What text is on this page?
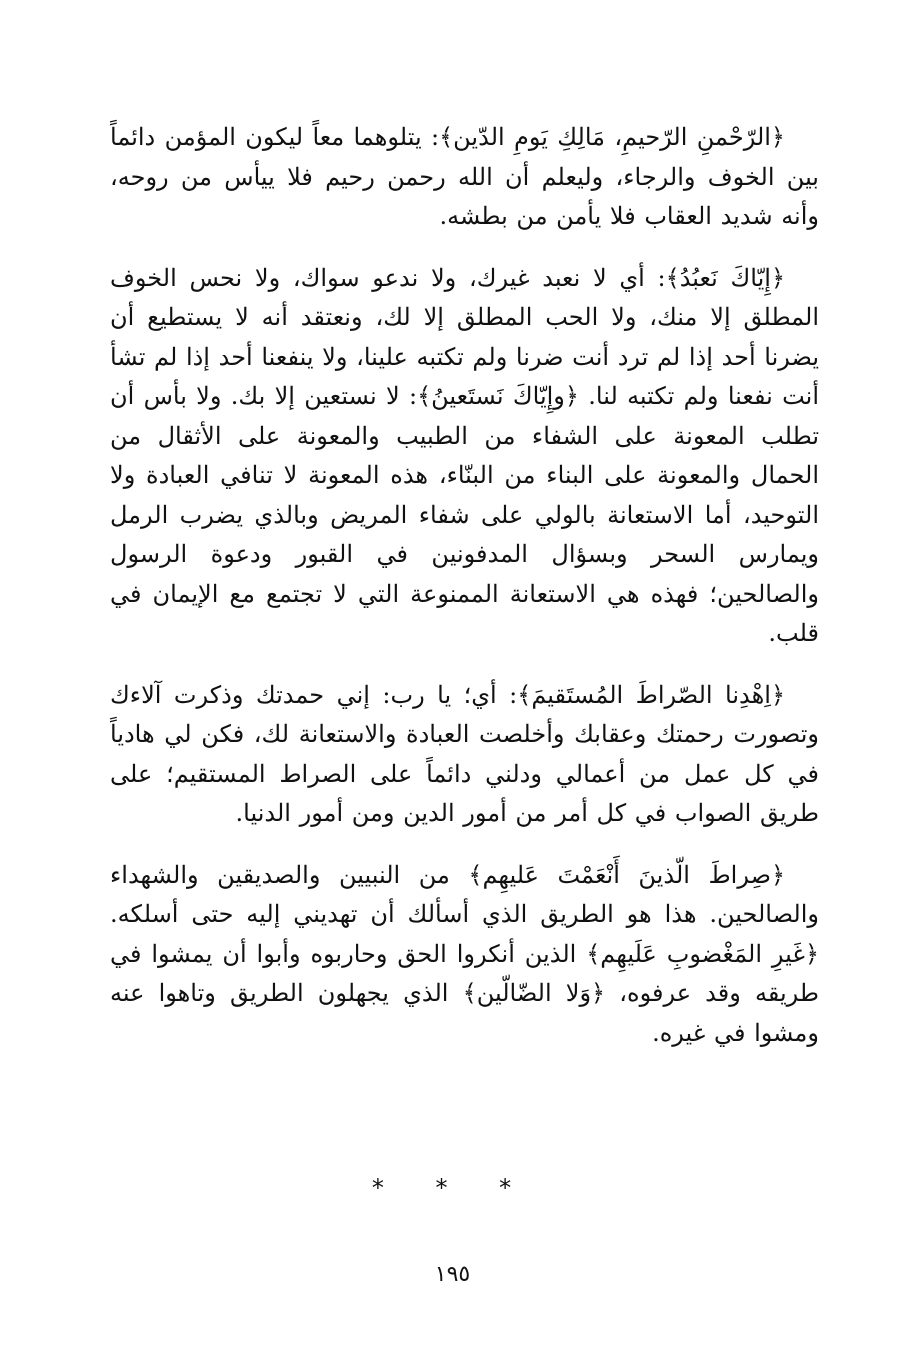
﴿الرّحْمنِ الرّحيمِ، مَالِكِ يَومِ الدّين﴾: يتلوهما معاً ليكون المؤمن دائماً بين الخوف والرجاء، وليعلم أن الله رحمن رحيم فلا ييأس من روحه، وأنه شديد العقاب فلا يأمن من بطشه.

﴿إِيّاكَ نَعبُدُ﴾: أي لا نعبد غيرك، ولا ندعو سواك، ولا نحس الخوف المطلق إلا منك، ولا الحب المطلق إلا لك، ونعتقد أنه لا يستطيع أن يضرنا أحد إذا لم ترد أنت ضرنا ولم تكتبه علينا، ولا ينفعنا أحد إذا لم تشأ أنت نفعنا ولم تكتبه لنا. ﴿وإِيّاكَ نَستَعينُ﴾: لا نستعين إلا بك. ولا بأس أن تطلب المعونة على الشفاء من الطبيب والمعونة على الأثقال من الحمال والمعونة على البناء من البنّاء، هذه المعونة لا تنافي العبادة ولا التوحيد، أما الاستعانة بالولي على شفاء المريض وبالذي يضرب الرمل ويمارس السحر وبسؤال المدفونين في القبور ودعوة الرسول والصالحين؛ فهذه هي الاستعانة الممنوعة التي لا تجتمع مع الإيمان في قلب.

﴿اِهْدِنا الصّراطَ المُستَقيمَ﴾: أي؛ يا رب: إني حمدتك وذكرت آلاءك وتصورت رحمتك وعقابك وأخلصت العبادة والاستعانة لك، فكن لي هادياً في كل عمل من أعمالي ودلني دائماً على الصراط المستقيم؛ على طريق الصواب في كل أمر من أمور الدين ومن أمور الدنيا.

﴿صِراطَ الّذينَ أَنْعَمْتَ عَليهِم﴾ من النبيين والصديقين والشهداء والصالحين. هذا هو الطريق الذي أسألك أن تهديني إليه حتى أسلكه. ﴿غَيرِ المَغْضوبِ عَلَيهِم﴾ الذين أنكروا الحق وحاربوه وأبوا أن يمشوا في طريقه وقد عرفوه، ﴿وَلا الضّالّين﴾ الذي يجهلون الطريق وتاهوا عنه ومشوا في غيره.

* * *
١٩٥
